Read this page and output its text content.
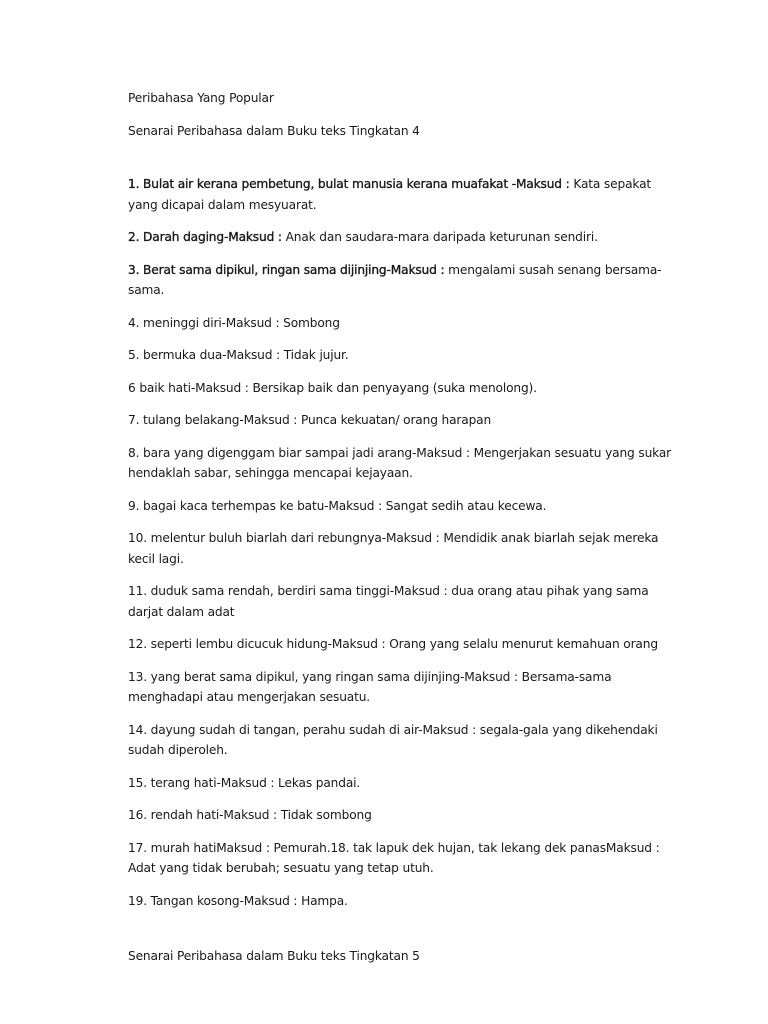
Peribahasa Yang Popular
Senarai Peribahasa dalam Buku teks Tingkatan 4
1. Bulat air kerana pembetung, bulat manusia kerana muafakat -Maksud : Kata sepakat yang dicapai dalam mesyuarat.
2. Darah daging-Maksud : Anak dan saudara-mara daripada keturunan sendiri.
3. Berat sama dipikul, ringan sama dijinjing-Maksud : mengalami susah senang bersama-sama.
4. meninggi diri-Maksud : Sombong
5. bermuka dua-Maksud : Tidak jujur.
6 baik hati-Maksud : Bersikap baik dan penyayang (suka menolong).
7. tulang belakang-Maksud : Punca kekuatan/ orang harapan
8. bara yang digenggam biar sampai jadi arang-Maksud : Mengerjakan sesuatu yang sukar hendaklah sabar, sehingga mencapai kejayaan.
9. bagai kaca terhempas ke batu-Maksud : Sangat sedih atau kecewa.
10. melentur buluh biarlah dari rebungnya-Maksud : Mendidik anak biarlah sejak mereka kecil lagi.
11. duduk sama rendah, berdiri sama tinggi-Maksud : dua orang atau pihak yang sama darjat dalam adat
12. seperti lembu dicucuk hidung-Maksud : Orang yang selalu menurut kemahuan orang
13. yang berat sama dipikul, yang ringan sama dijinjing-Maksud : Bersama-sama menghadapi atau mengerjakan sesuatu.
14. dayung sudah di tangan, perahu sudah di air-Maksud : segala-gala yang dikehendaki sudah diperoleh.
15. terang hati-Maksud : Lekas pandai.
16. rendah hati-Maksud : Tidak sombong
17. murah hatiMaksud : Pemurah.18. tak lapuk dek hujan, tak lekang dek panasMaksud : Adat yang tidak berubah; sesuatu yang tetap utuh.
19. Tangan kosong-Maksud : Hampa.
Senarai Peribahasa dalam Buku teks Tingkatan 5
